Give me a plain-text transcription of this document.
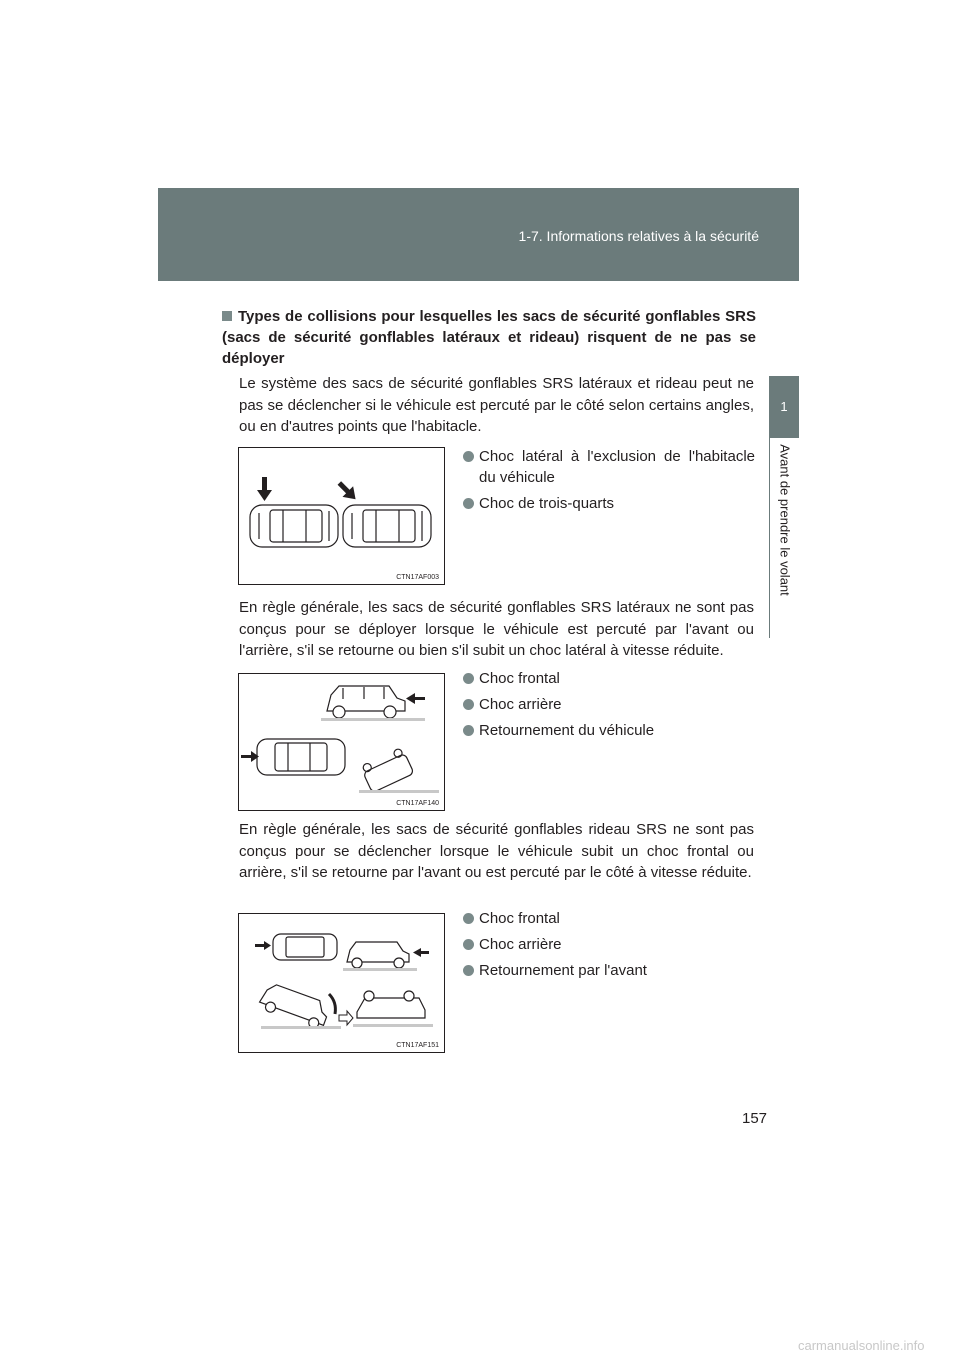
1-7. Informations relatives à la sécurité
1
Avant de prendre le volant
Types de collisions pour lesquelles les sacs de sécurité gonflables SRS (sacs de sécurité gonflables latéraux et rideau) risquent de ne pas se déployer
Le système des sacs de sécurité gonflables SRS latéraux et rideau peut ne pas se déclencher si le véhicule est percuté par le côté selon certains angles, ou en d'autres points que l'habitacle.
CTN17AF003
Choc latéral à l'exclusion de l'habitacle du véhicule
Choc de trois-quarts
En règle générale, les sacs de sécurité gonflables SRS latéraux ne sont pas conçus pour se déployer lorsque le véhicule est percuté par l'avant ou l'arrière, s'il se retourne ou bien s'il subit un choc latéral à vitesse réduite.
CTN17AF140
Choc frontal
Choc arrière
Retournement du véhicule
En règle générale, les sacs de sécurité gonflables rideau SRS ne sont pas conçus pour se déclencher lorsque le véhicule subit un choc frontal ou arrière, s'il se retourne par l'avant ou est percuté par le côté à vitesse réduite.
CTN17AF151
Choc frontal
Choc arrière
Retournement par l'avant
157
carmanualsonline.info
